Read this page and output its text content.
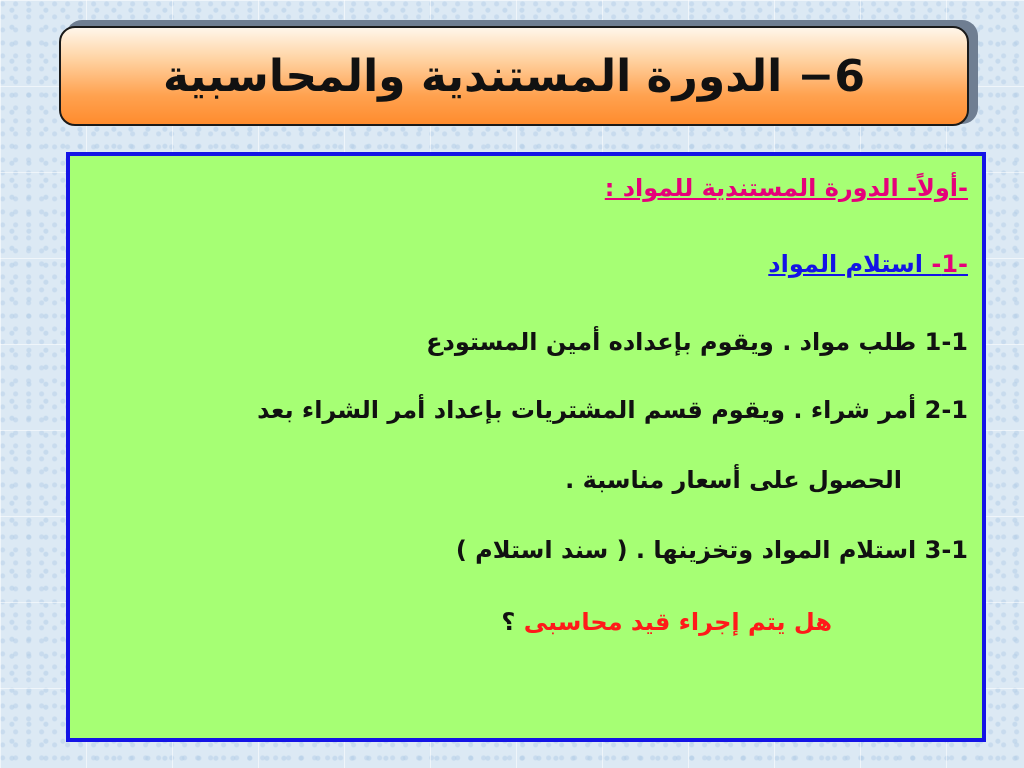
6− الدورة المستندية والمحاسبية

-أولاً- الدورة المستندية للمواد :

-1- استلام المواد

1-1 طلب مواد . ويقوم بإعداده أمين المستودع

2-1 أمر شراء . ويقوم قسم المشتريات بإعداد أمر الشراء بعد

الحصول على أسعار مناسبة .

3-1 استلام المواد وتخزينها . ( سند استلام )

هل يتم إجراء قيد محاسبى ؟
